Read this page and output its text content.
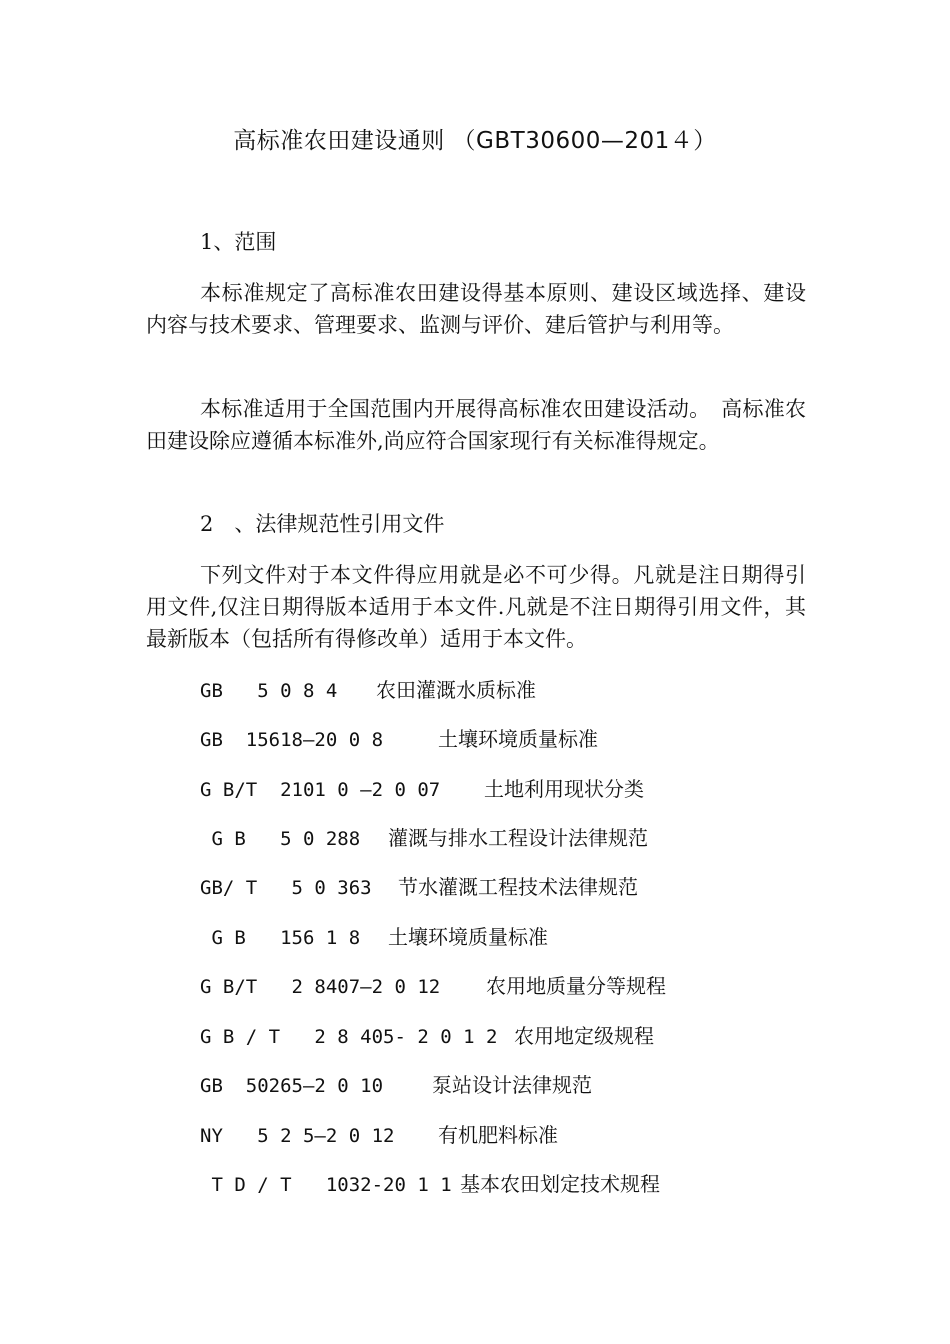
高标准农田建设通则 （GBT30600—201４）
1、范围
本标准规定了高标准农田建设得基本原则、建设区域选择、建设内容与技术要求、管理要求、监测与评价、建后管护与利用等。
本标准适用于全国范围内开展得高标准农田建设活动。　高标准农田建设除应遵循本标准外,尚应符合国家现行有关标准得规定。
2　、法律规范性引用文件
下列文件对于本文件得应用就是必不可少得。凡就是注日期得引用文件,仅注日期得版本适用于本文件.凡就是不注日期得引用文件，其最新版本（包括所有得修改单）适用于本文件。
GB   5 0 8 4 农田灌溉水质标准
GB  15618—20 0 8	土壤环境质量标准
G B/T  2101 0 —2 0 07 土地利用现状分类
G B   5 0 288 灌溉与排水工程设计法律规范
GB/ T   5 0 363 节水灌溉工程技术法律规范
G B   156 1 8 土壤环境质量标准
G B/T   2 8407—2 0 12 农用地质量分等规程
G B / T   2 8 405- 2 0 1 2 农用地定级规程
GB  50265—2 0 10 泵站设计法律规范
NY   5 2 5—2 0 12 有机肥料标准
T D / T   1032-20 1 1 基本农田划定技术规程
